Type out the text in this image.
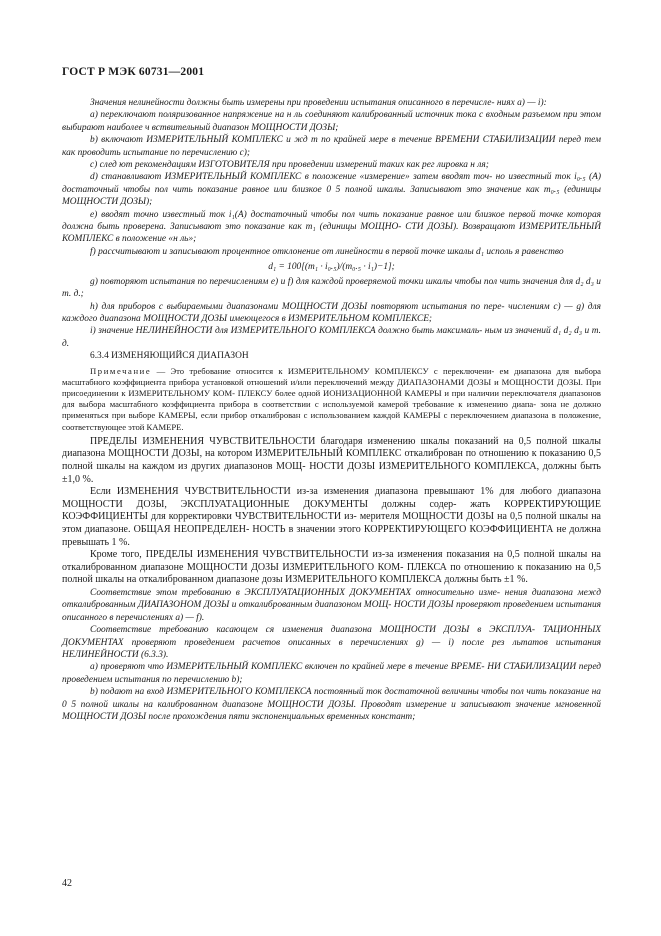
ГОСТ Р МЭК 60731—2001

Значения нелинейности должны быть измерены при проведении испытания описанного в перечисле- ниях а) — i):

а) переключают поляризованное напряжение на н ль соединяют калиброванный источник тока с входным разъемом при этом выбирают наиболее ч вствительный диапазон МОЩНОСТИ ДОЗЫ;

b) включают ИЗМЕРИТЕЛЬНЫЙ КОМПЛЕКС и жд т по крайней мере в течение ВРЕМЕНИ СТАБИЛИЗАЦИИ перед тем как проводить испытание по перечислению с);

с) след ют рекомендациям ИЗГОТОВИТЕЛЯ при проведении измерений таких как рег лировка н ля;

d) станавливают ИЗМЕРИТЕЛЬНЫЙ КОМПЛЕКС в положение «измерение» затем вводят точ- но известный ток i₀.₅ (А) достаточный чтобы пол чить показание равное или близкое 0 5 полной шкалы. Записывают это значение как m₀.₅ (единицы МОЩНОСТИ ДОЗЫ);

е) вводят точно известный ток i₁(А) достаточный чтобы пол чить показание равное или близкое первой точке которая должна быть проверена. Записывают это показание как m₁ (единицы МОЩНО- СТИ ДОЗЫ). Возвращают ИЗМЕРИТЕЛЬНЫЙ КОМПЛЕКС в положение «н ль»;

f) рассчитывают и записывают процентное отклонение от линейности в первой точке шкалы d₁ исполь я равенство

d₁ = 100[(m₁ · i₀.₅)/(m₀.₅ · i₁)−1];

g) повторяют испытания по перечислениям е) и f) для каждой проверяемой точки шкалы чтобы пол чить значения для d₂ d₃ и т. д.;

h) для приборов с выбираемыми диапазонами МОЩНОСТИ ДОЗЫ повторяют испытания по пере- числениям с) — g) для каждого диапазона МОЩНОСТИ ДОЗЫ имеющегося в ИЗМЕРИТЕЛЬНОМ КОМПЛЕКСЕ;

i) значение НЕЛИНЕЙНОСТИ для ИЗМЕРИТЕЛЬНОГО КОМПЛЕКСА должно быть максималь- ным из значений d₁ d₂ d₃ и т. д.

6.3.4 ИЗМЕНЯЮЩИЙСЯ ДИАПАЗОН

Примечание — Это требование относится к ИЗМЕРИТЕЛЬНОМУ КОМПЛЕКСУ с переключени- ем диапазона для выбора масштабного коэффициента прибора установкой отношений и/или переключений между ДИАПАЗОНАМИ ДОЗЫ и МОЩНОСТИ ДОЗЫ. При присоединении к ИЗМЕРИТЕЛЬНОМУ КОМ- ПЛЕКСУ более одной ИОНИЗАЦИОННОЙ КАМЕРЫ и при наличии переключателя диапазонов для выбора масштабного коэффициента прибора в соответствии с используемой камерой требование к изменению диапа- зона не должно применяться при выборе КАМЕРЫ, если прибор откалиброван с использованием каждой КАМЕРЫ с переключением диапазона в положение, соответствующее этой КАМЕРЕ.

ПРЕДЕЛЫ ИЗМЕНЕНИЯ ЧУВСТВИТЕЛЬНОСТИ благодаря изменению шкалы показаний на 0,5 полной шкалы диапазона МОЩНОСТИ ДОЗЫ, на котором ИЗМЕРИТЕЛЬНЫЙ КОМПЛЕКС откалиброван по отношению к показанию 0,5 полной шкалы на каждом из других диапазонов МОЩ- НОСТИ ДОЗЫ ИЗМЕРИТЕЛЬНОГО КОМПЛЕКСА, должны быть ±1,0 %.

Если ИЗМЕНЕНИЯ ЧУВСТВИТЕЛЬНОСТИ из-за изменения диапазона превышают 1% для любого диапазона МОЩНОСТИ ДОЗЫ, ЭКСПЛУАТАЦИОННЫЕ ДОКУМЕНТЫ должны содер- жать КОРРЕКТИРУЮЩИЕ КОЭФФИЦИЕНТЫ для корректировки ЧУВСТВИТЕЛЬНОСТИ из- мерителя МОЩНОСТИ ДОЗЫ на 0,5 полной шкалы на этом диапазоне. ОБЩАЯ НЕОПРЕДЕЛЕН- НОСТЬ в значении этого КОРРЕКТИРУЮЩЕГО КОЭФФИЦИЕНТА не должна превышать 1 %.

Кроме того, ПРЕДЕЛЫ ИЗМЕНЕНИЯ ЧУВСТВИТЕЛЬНОСТИ из-за изменения показания на 0,5 полной шкалы на откалиброванном диапазоне МОЩНОСТИ ДОЗЫ ИЗМЕРИТЕЛЬНОГО КОМ- ПЛЕКСА по отношению к показанию на 0,5 полной шкалы на откалиброванном диапазоне дозы ИЗМЕРИТЕЛЬНОГО КОМПЛЕКСА должны быть ±1 %.

Соответствие этом требованию в ЭКСПЛУАТАЦИОННЫХ ДОКУМЕНТАХ относительно изме- нения диапазона межд откалиброванным ДИАПАЗОНОМ ДОЗЫ и откалиброванным диапазоном МОЩ- НОСТИ ДОЗЫ проверяют проведением испытания описанного в перечислениях а) — f).

Соответствие требованию касающем ся изменения диапазона МОЩНОСТИ ДОЗЫ в ЭКСПЛУА- ТАЦИОННЫХ ДОКУМЕНТАХ проверяют проведением расчетов описанных в перечислениях g) — i) после рез льтатов испытания НЕЛИНЕЙНОСТИ (6.3.3).

а) проверяют что ИЗМЕРИТЕЛЬНЫЙ КОМПЛЕКС включен по крайней мере в течение ВРЕМЕ- НИ СТАБИЛИЗАЦИИ перед проведением испытания по перечислению b);

b) подают на вход ИЗМЕРИТЕЛЬНОГО КОМПЛЕКСА постоянный ток достаточной величины чтобы пол чить показание на 0 5 полной шкалы на калиброванном диапазоне МОЩНОСТИ ДОЗЫ. Проводят измерение и записывают значение мгновенной МОЩНОСТИ ДОЗЫ после прохождения пяти экспоненциальных временных констант;

42
